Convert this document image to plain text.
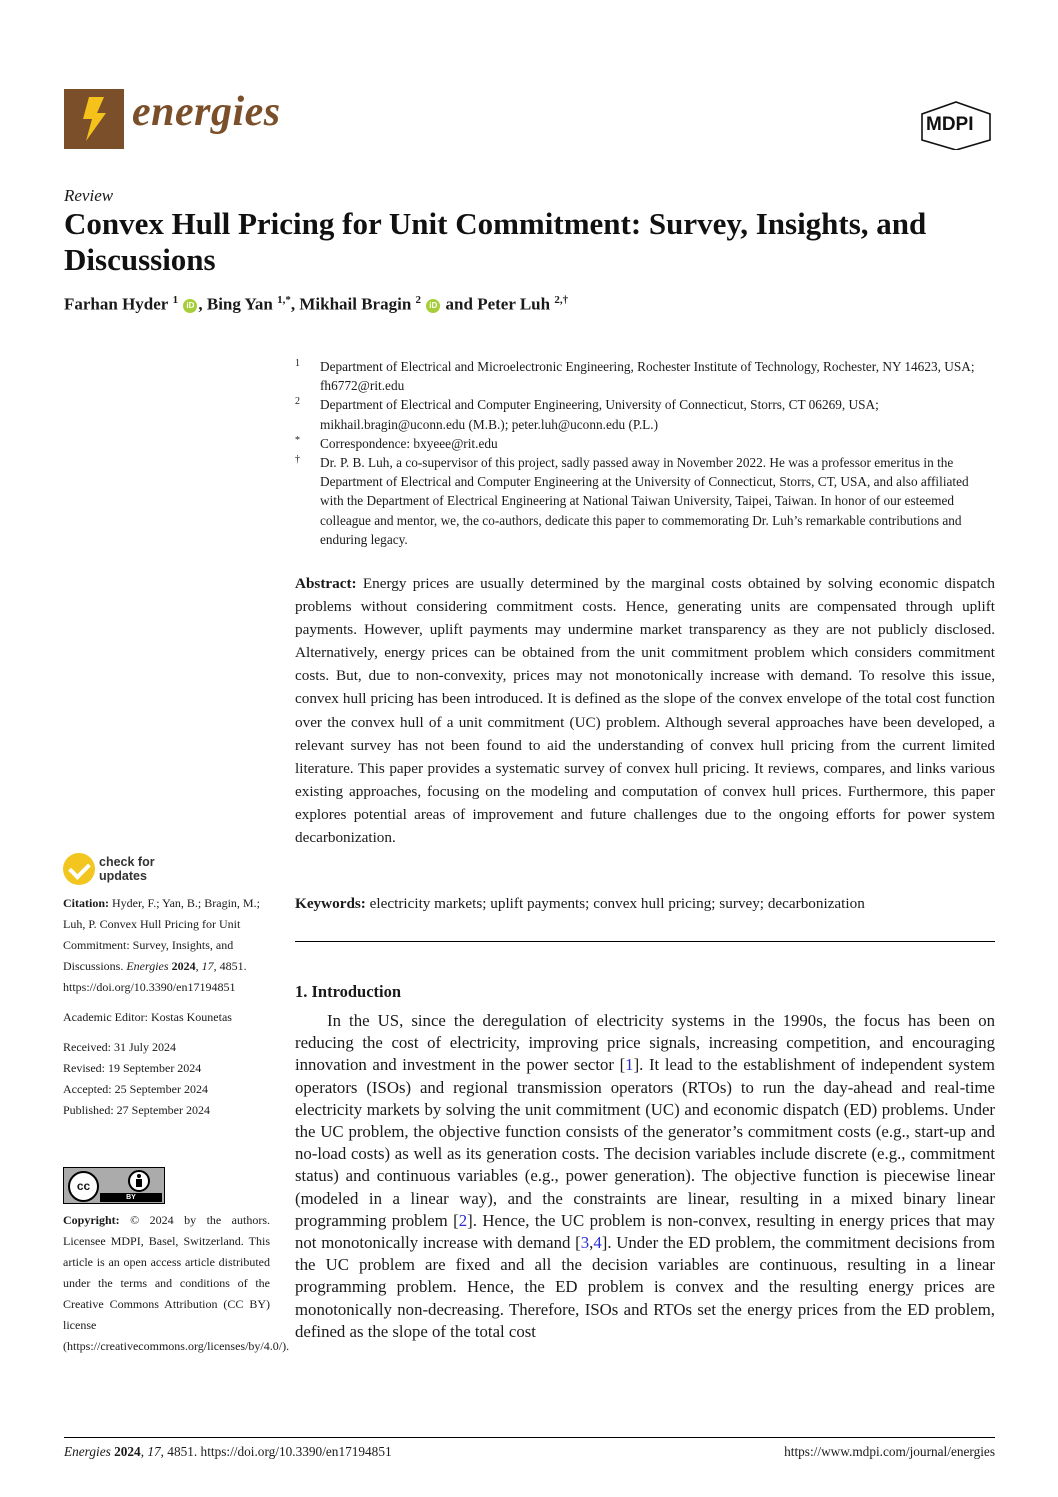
energies	MDPI
Review
Convex Hull Pricing for Unit Commitment: Survey, Insights, and Discussions
Farhan Hyder $^1$ iD , Bing Yan $^{1,*}$, Mikhail Bragin $^2$ iD and Peter Luh $^{2,\dagger}$
1 Department of Electrical and Microelectronic Engineering, Rochester Institute of Technology, Rochester, NY 14623, USA; fh6772@rit.edu
2 Department of Electrical and Computer Engineering, University of Connecticut, Storrs, CT 06269, USA; mikhail.bragin@uconn.edu (M.B.); peter.luh@uconn.edu (P.L.)
* Correspondence: bxyeee@rit.edu
† Dr. P. B. Luh, a co-supervisor of this project, sadly passed away in November 2022. He was a professor emeritus in the Department of Electrical and Computer Engineering at the University of Connecticut, Storrs, CT, USA, and also affiliated with the Department of Electrical Engineering at National Taiwan University, Taipei, Taiwan. In honor of our esteemed colleague and mentor, we, the co-authors, dedicate this paper to commemorating Dr. Luh’s remarkable contributions and enduring legacy.
Abstract: Energy prices are usually determined by the marginal costs obtained by solving economic dispatch problems without considering commitment costs. Hence, generating units are compensated through uplift payments. However, uplift payments may undermine market transparency as they are not publicly disclosed. Alternatively, energy prices can be obtained from the unit commitment problem which considers commitment costs. But, due to non-convexity, prices may not monotonically increase with demand. To resolve this issue, convex hull pricing has been introduced. It is defined as the slope of the convex envelope of the total cost function over the convex hull of a unit commitment (UC) problem. Although several approaches have been developed, a relevant survey has not been found to aid the understanding of convex hull pricing from the current limited literature. This paper provides a systematic survey of convex hull pricing. It reviews, compares, and links various existing approaches, focusing on the modeling and computation of convex hull prices. Furthermore, this paper explores potential areas of improvement and future challenges due to the ongoing efforts for power system decarbonization.
Keywords: electricity markets; uplift payments; convex hull pricing; survey; decarbonization
1. Introduction
In the US, since the deregulation of electricity systems in the 1990s, the focus has been on reducing the cost of electricity, improving price signals, increasing competition, and encouraging innovation and investment in the power sector [1]. It lead to the establishment of independent system operators (ISOs) and regional transmission operators (RTOs) to run the day-ahead and real-time electricity markets by solving the unit commitment (UC) and economic dispatch (ED) problems. Under the UC problem, the objective function consists of the generator’s commitment costs (e.g., start-up and no-load costs) as well as its generation costs. The decision variables include discrete (e.g., commitment status) and continuous variables (e.g., power generation). The objective function is piecewise linear (modeled in a linear way), and the constraints are linear, resulting in a mixed binary linear programming problem [2]. Hence, the UC problem is non-convex, resulting in energy prices that may not monotonically increase with demand [3,4]. Under the ED problem, the commitment decisions from the UC problem are fixed and all the decision variables are continuous, resulting in a linear programming problem. Hence, the ED problem is convex and the resulting energy prices are monotonically non-decreasing. Therefore, ISOs and RTOs set the energy prices from the ED problem, defined as the slope of the total cost
check for
updates

Citation: Hyder, F.; Yan, B.; Bragin, M.; Luh, P. Convex Hull Pricing for Unit Commitment: Survey, Insights, and Discussions. Energies 2024, 17, 4851. https://doi.org/10.3390/en17194851

Academic Editor: Kostas Kounetas

Received: 31 July 2024

Revised: 19 September 2024

Accepted: 25 September 2024

Published: 27 September 2024

cc
BY
Copyright: © 2024 by the authors. Licensee MDPI, Basel, Switzerland. This article is an open access article distributed under the terms and conditions of the Creative Commons Attribution (CC BY) license (https://creativecommons.org/licenses/by/4.0/).
Energies 2024, 17, 4851. https://doi.org/10.3390/en17194851	https://www.mdpi.com/journal/energies
